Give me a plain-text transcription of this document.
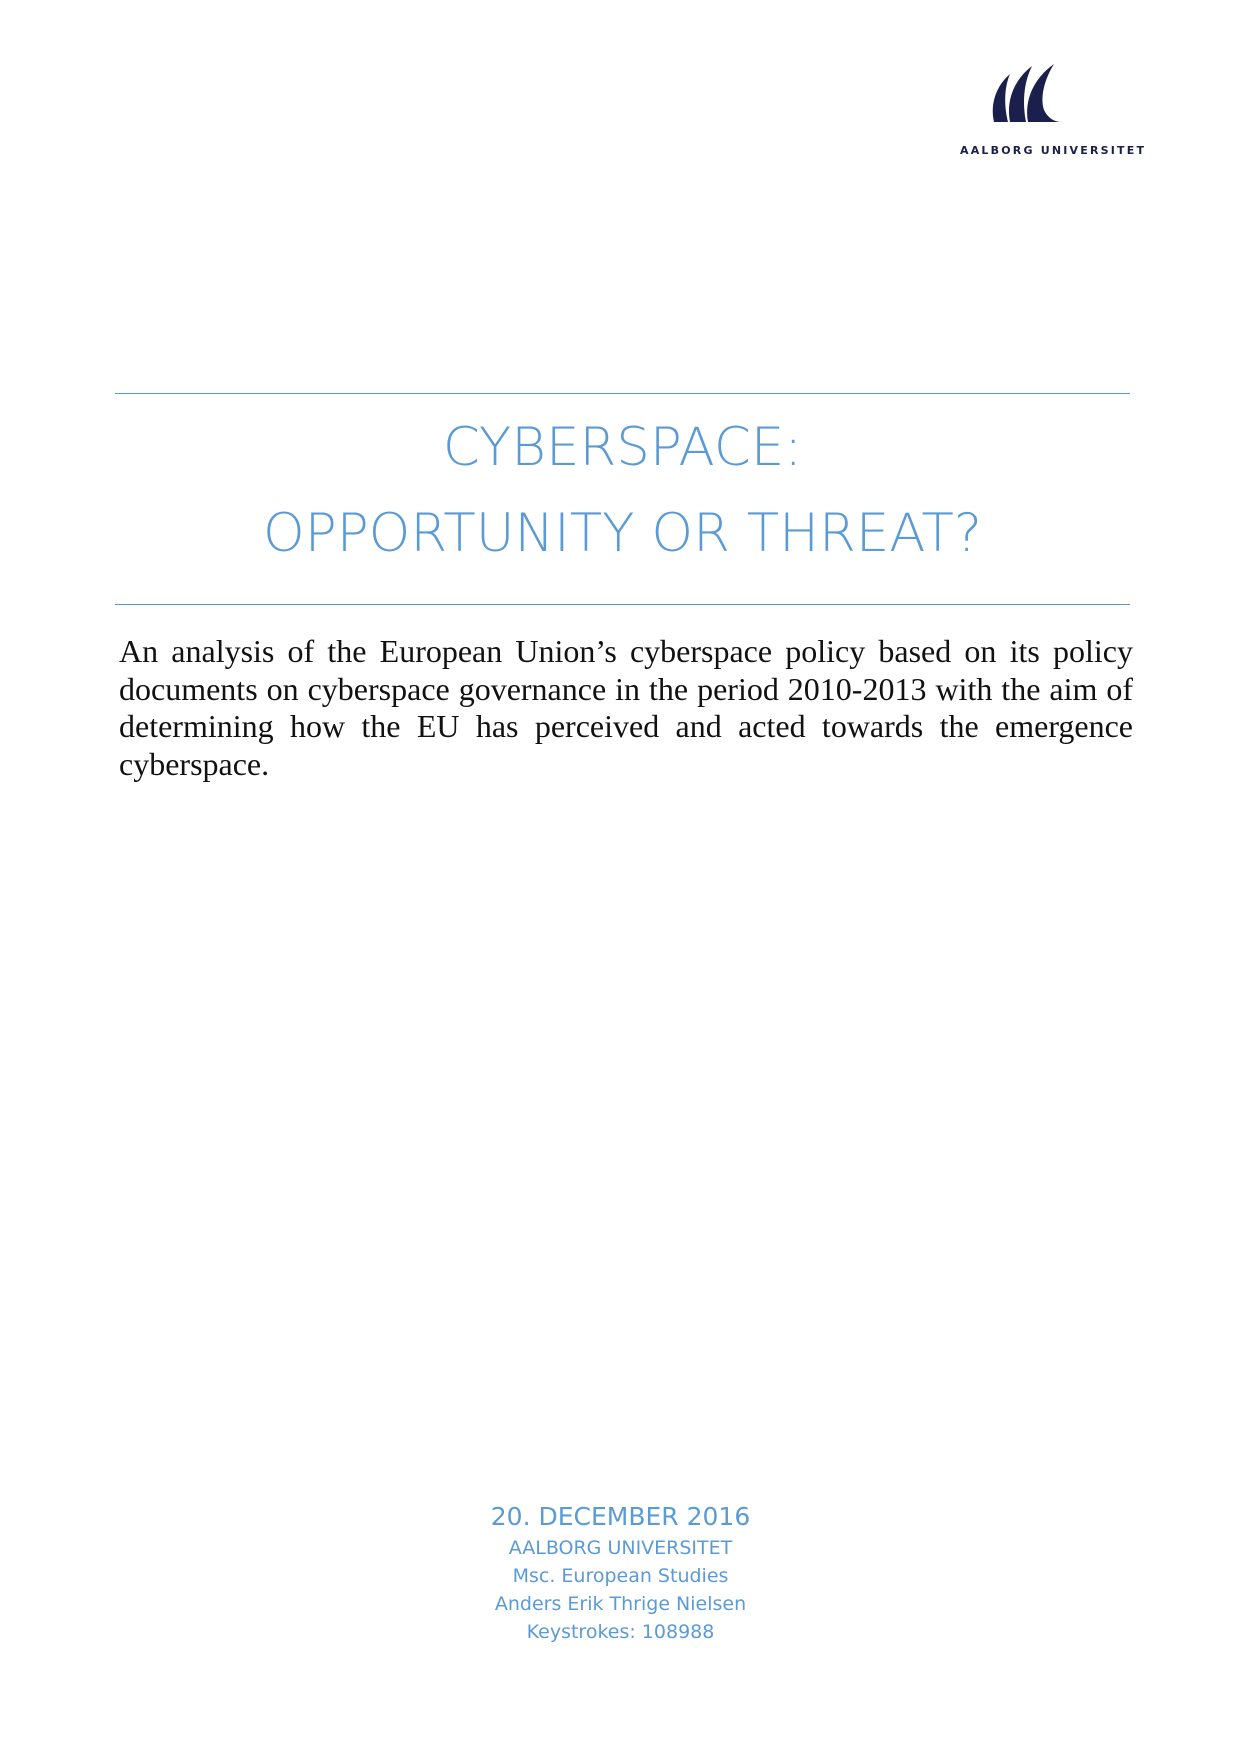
AALBORG UNIVERSITET
CYBERSPACE:
OPPORTUNITY OR THREAT?
An analysis of the European Union’s cyberspace policy based on its policy documents on cyberspace governance in the period 2010-2013 with the aim of determining how the EU has perceived and acted towards the emergence cyberspace.
20. DECEMBER 2016
AALBORG UNIVERSITET
Msc. European Studies
Anders Erik Thrige Nielsen
Keystrokes: 108988
